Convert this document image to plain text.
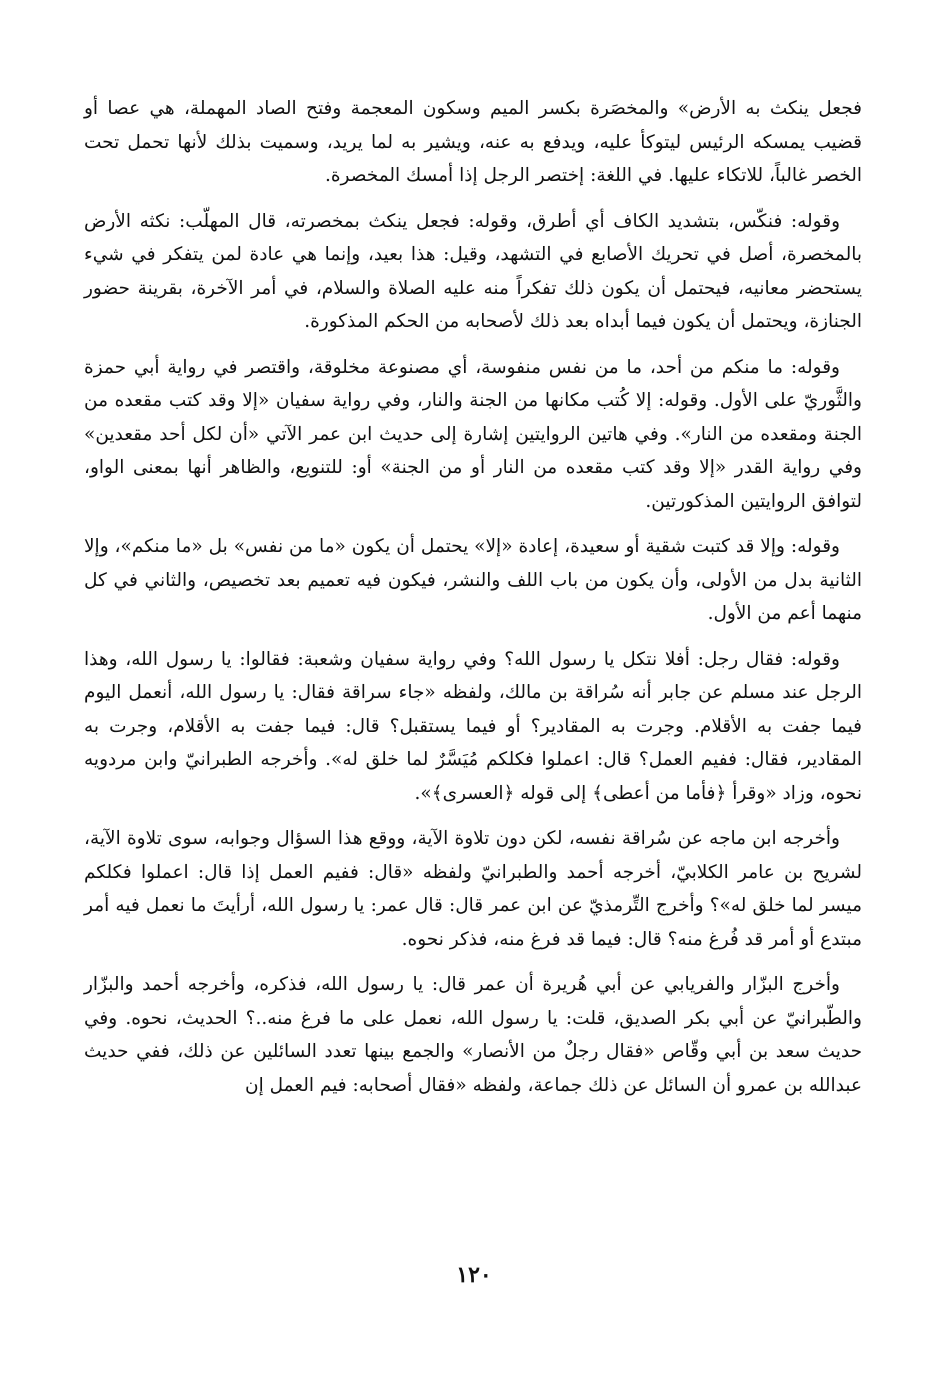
فجعل ينكث به الأرض» والمخصَرة بكسر الميم وسكون المعجمة وفتح الصاد المهملة، هي عصا أو قضيب يمسكه الرئيس ليتوكأ عليه، ويدفع به عنه، ويشير به لما يريد، وسميت بذلك لأنها تحمل تحت الخصر غالباً، للاتكاء عليها. في اللغة: إختصر الرجل إذا أمسك المخصرة.

وقوله: فنكّس، بتشديد الكاف أي أطرق، وقوله: فجعل ينكث بمخصرته، قال المهلّب: نكثه الأرض بالمخصرة، أصل في تحريك الأصابع في التشهد، وقيل: هذا بعيد، وإنما هي عادة لمن يتفكر في شيء يستحضر معانيه، فيحتمل أن يكون ذلك تفكراً منه عليه الصلاة والسلام، في أمر الآخرة، بقرينة حضور الجنازة، ويحتمل أن يكون فيما أبداه بعد ذلك لأصحابه من الحكم المذكورة.

وقوله: ما منكم من أحد، ما من نفس منفوسة، أي مصنوعة مخلوقة، واقتصر في رواية أبي حمزة والثَّوريّ على الأول. وقوله: إلا كُتب مكانها من الجنة والنار، وفي رواية سفيان «إلا وقد كتب مقعده من الجنة ومقعده من النار». وفي هاتين الروايتين إشارة إلى حديث ابن عمر الآتي «أن لكل أحد مقعدين» وفي رواية القدر «إلا وقد كتب مقعده من النار أو من الجنة» أو: للتنويع، والظاهر أنها بمعنى الواو، لتوافق الروايتين المذكورتين.

وقوله: وإلا قد كتبت شقية أو سعيدة، إعادة «إلا» يحتمل أن يكون «ما من نفس» بل «ما منكم»، وإلا الثانية بدل من الأولى، وأن يكون من باب اللف والنشر، فيكون فيه تعميم بعد تخصيص، والثاني في كل منهما أعم من الأول.

وقوله: فقال رجل: أفلا نتكل يا رسول الله؟ وفي رواية سفيان وشعبة: فقالوا: يا رسول الله، وهذا الرجل عند مسلم عن جابر أنه سُراقة بن مالك، ولفظه «جاء سراقة فقال: يا رسول الله، أنعمل اليوم فيما جفت به الأقلام. وجرت به المقادير؟ أو فيما يستقبل؟ قال: فيما جفت به الأقلام، وجرت به المقادير، فقال: ففيم العمل؟ قال: اعملوا فكلكم مُيَسَّرٌ لما خلق له». وأخرجه الطبرانيّ وابن مردويه نحوه، وزاد «وقرأ ﴿فأما من أعطى﴾ إلى قوله ﴿العسرى﴾».

وأخرجه ابن ماجه عن سُراقة نفسه، لكن دون تلاوة الآية، ووقع هذا السؤال وجوابه، سوى تلاوة الآية، لشريح بن عامر الكلابيّ، أخرجه أحمد والطبرانيّ ولفظه «قال: ففيم العمل إذا قال: اعملوا فكلكم ميسر لما خلق له»؟ وأخرج التِّرمذيّ عن ابن عمر قال: قال عمر: يا رسول الله، أرأيتَ ما نعمل فيه أمر مبتدع أو أمر قد فُرغ منه؟ قال: فيما قد فرغ منه، فذكر نحوه.

وأخرج البزّار والفريابي عن أبي هُريرة أن عمر قال: يا رسول الله، فذكره، وأخرجه أحمد والبزّار والطّبرانيّ عن أبي بكر الصديق، قلت: يا رسول الله، نعمل على ما فرغ منه..؟ الحديث، نحوه. وفي حديث سعد بن أبي وقّاص «فقال رجلٌ من الأنصار» والجمع بينها تعدد السائلين عن ذلك، ففي حديث عبدالله بن عمرو أن السائل عن ذلك جماعة، ولفظه «فقال أصحابه: فيم العمل إن

١٢٠
